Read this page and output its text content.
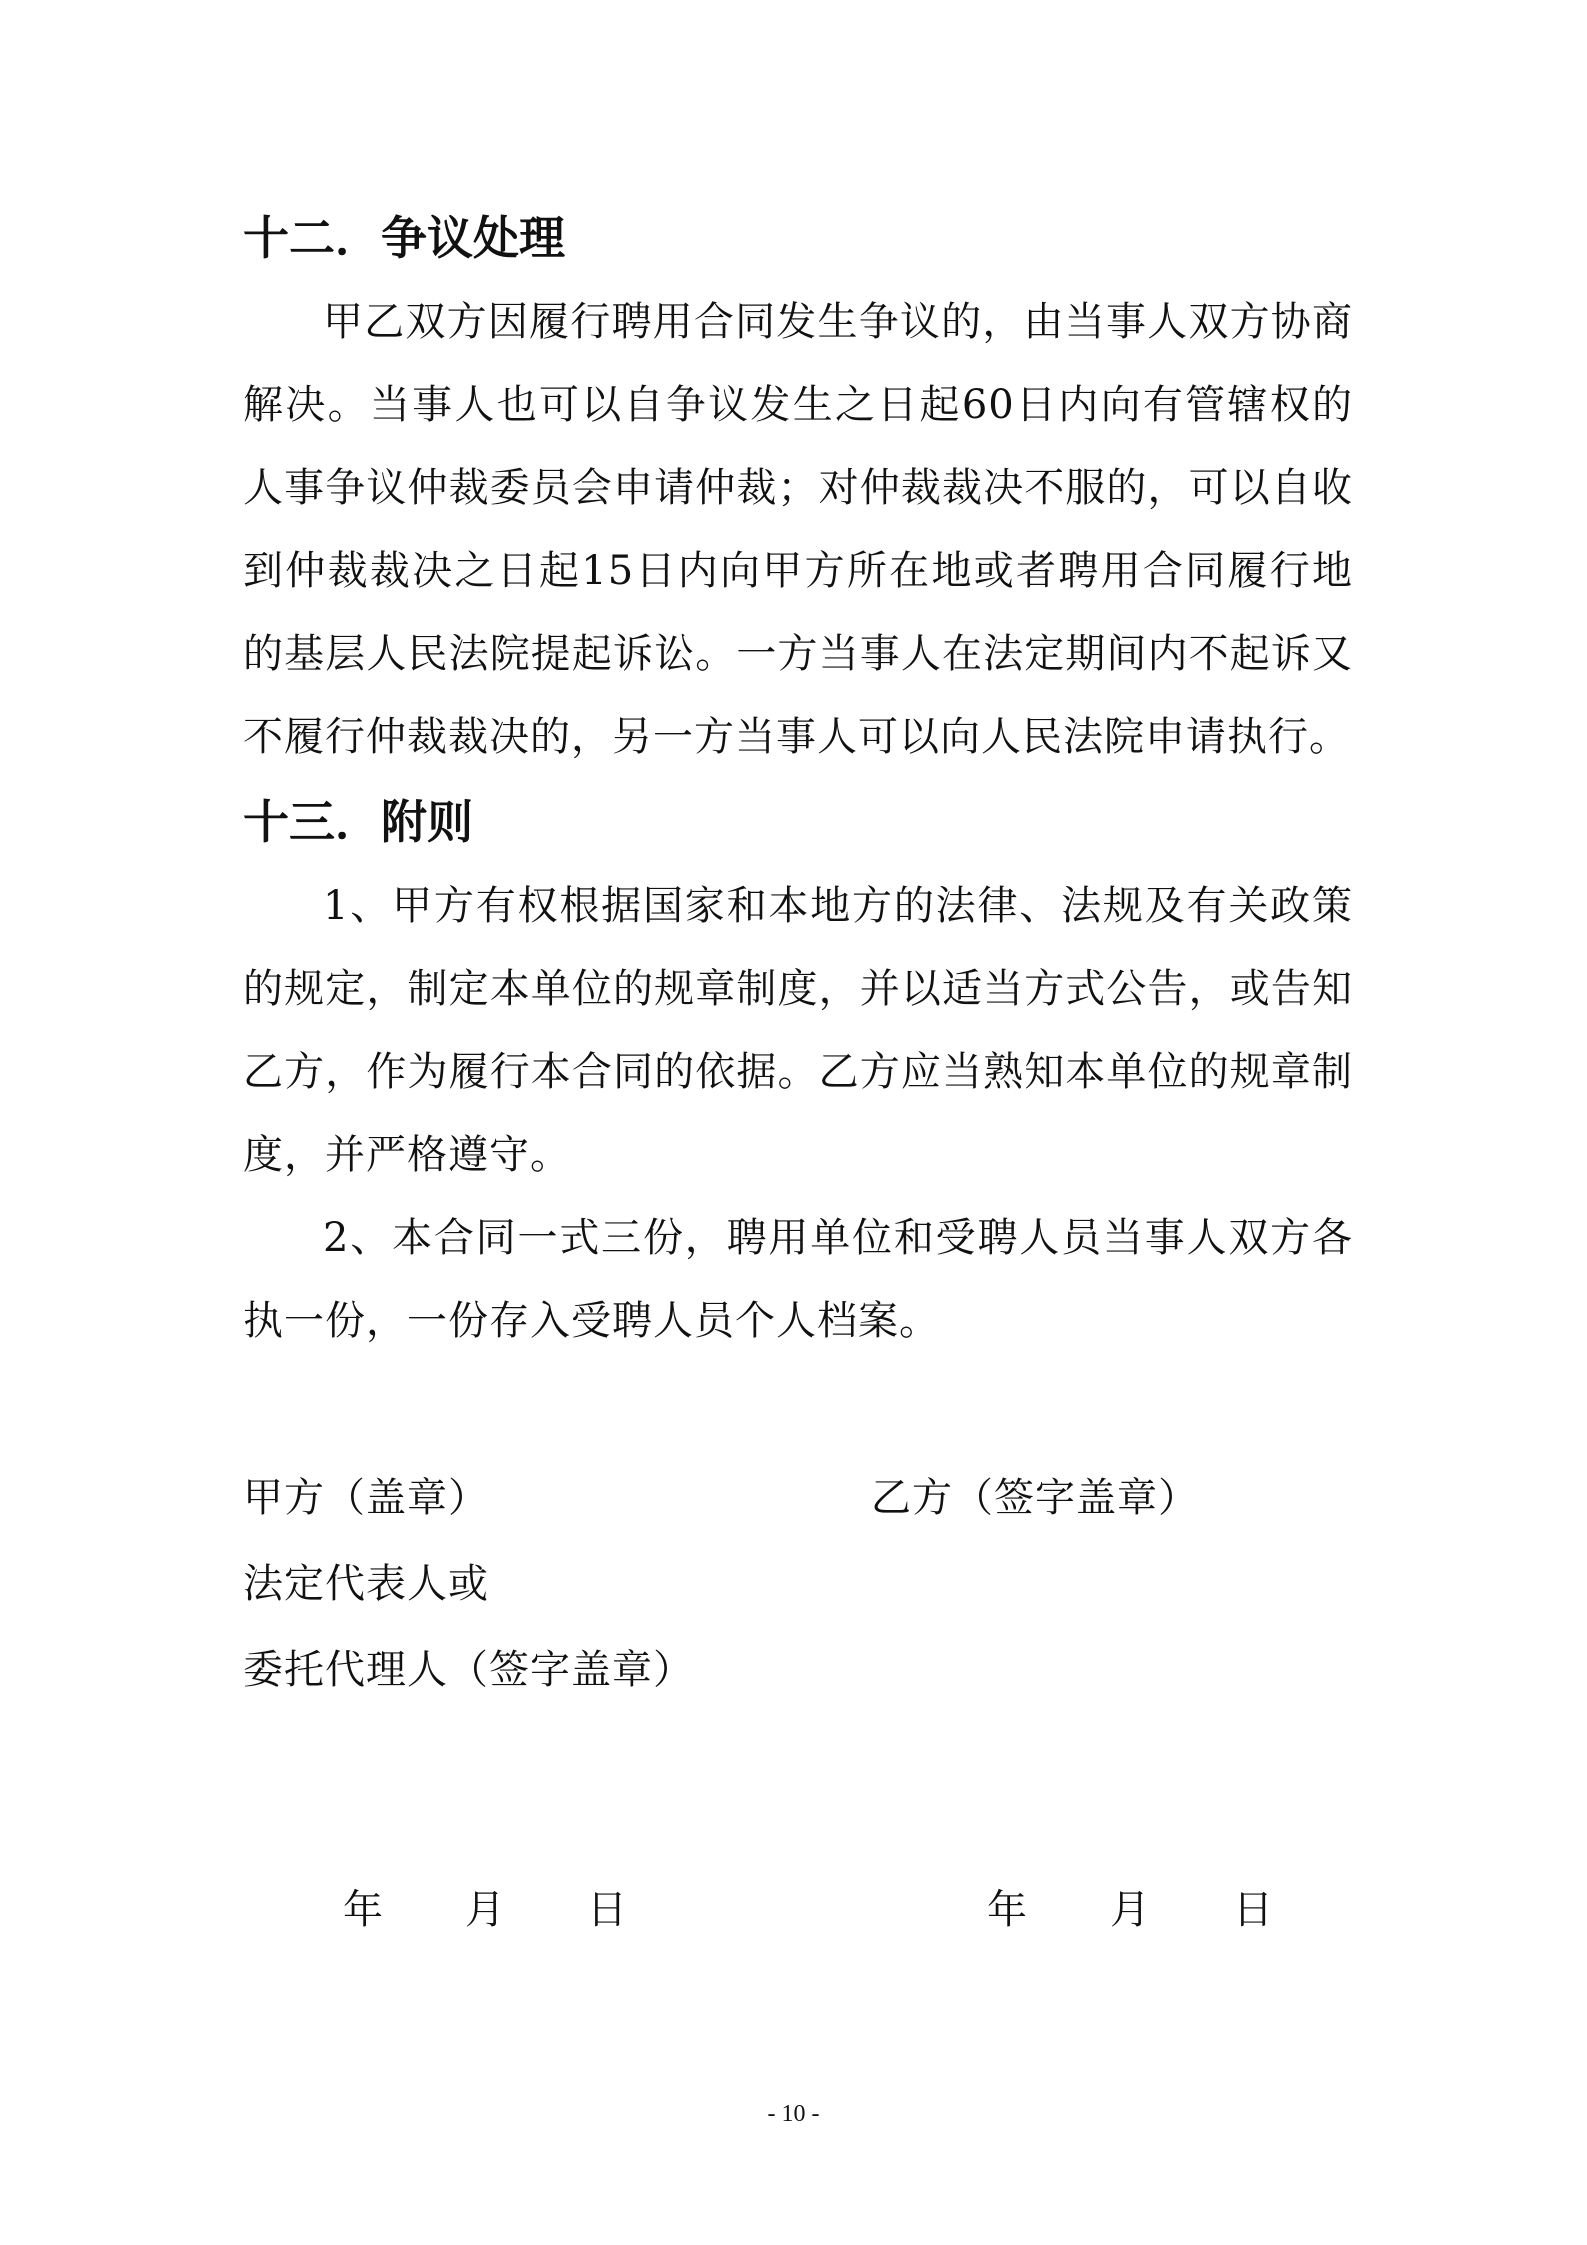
十二．争议处理

甲乙双方因履行聘用合同发生争议的，由当事人双方协商解决。当事人也可以自争议发生之日起60日内向有管辖权的人事争议仲裁委员会申请仲裁；对仲裁裁决不服的，可以自收到仲裁裁决之日起15日内向甲方所在地或者聘用合同履行地的基层人民法院提起诉讼。一方当事人在法定期间内不起诉又不履行仲裁裁决的，另一方当事人可以向人民法院申请执行。

十三．附则

1、甲方有权根据国家和本地方的法律、法规及有关政策的规定，制定本单位的规章制度，并以适当方式公告，或告知乙方，作为履行本合同的依据。乙方应当熟知本单位的规章制度，并严格遵守。

2、本合同一式三份，聘用单位和受聘人员当事人双方各执一份，一份存入受聘人员个人档案。

甲方（盖章）	乙方（签字盖章）
法定代表人或
委托代理人（签字盖章）
年 月 日	年 月 日
- 10 -
